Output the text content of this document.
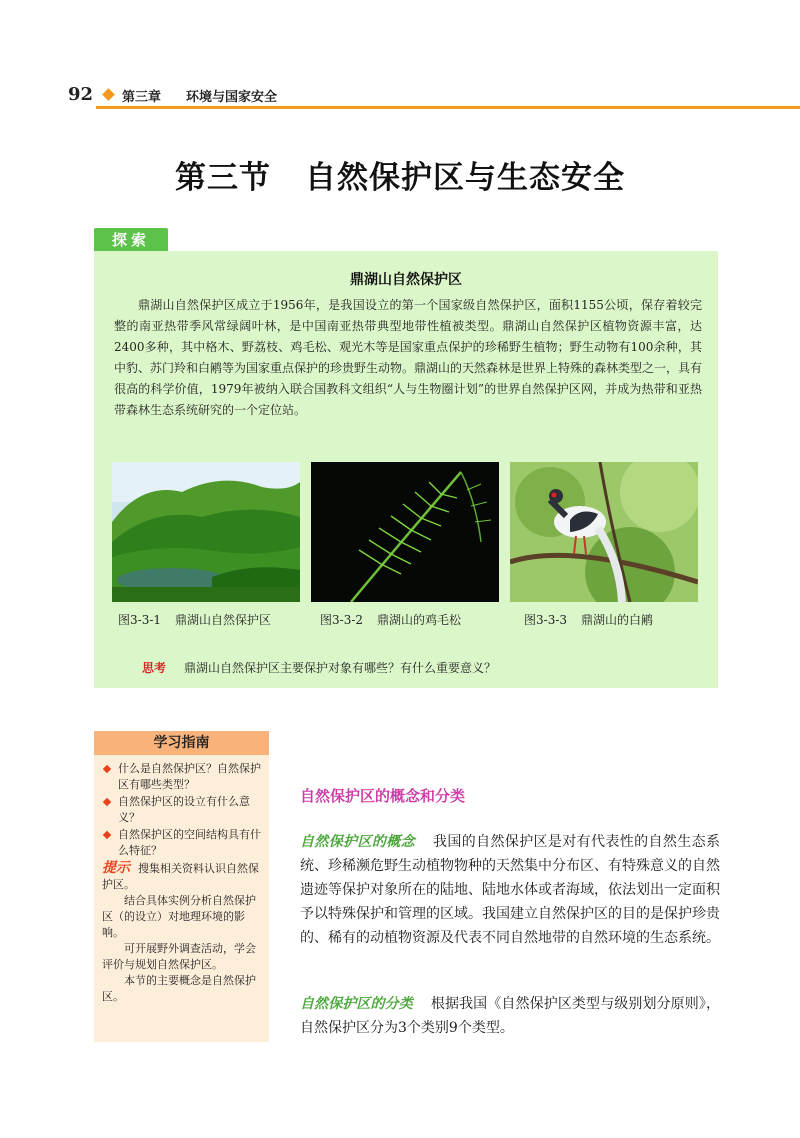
92 第三章 环境与国家安全
第三节 自然保护区与生态安全
探索
鼎湖山自然保护区
鼎湖山自然保护区成立于1956年，是我国设立的第一个国家级自然保护区，面积1155公顷，保存着较完整的南亚热带季风常绿阔叶林，是中国南亚热带典型地带性植被类型。鼎湖山自然保护区植物资源丰富，达2400多种，其中格木、野荔枝、鸡毛松、观光木等是国家重点保护的珍稀野生植物；野生动物有100余种，其中豹、苏门羚和白鹇等为国家重点保护的珍贵野生动物。鼎湖山的天然森林是世界上特殊的森林类型之一，具有很高的科学价值，1979年被纳入联合国教科文组织“人与生物圈计划”的世界自然保护区网，并成为热带和亚热带森林生态系统研究的一个定位站。
图3-3-1 鼎湖山自然保护区	图3-3-2 鼎湖山的鸡毛松	图3-3-3 鼎湖山的白鹇
思考 鼎湖山自然保护区主要保护对象有哪些？有什么重要意义？
学习指南
什么是自然保护区？自然保护区有哪些类型？
自然保护区的设立有什么意义？
自然保护区的空间结构具有什么特征？
提示 搜集相关资料认识自然保护区。
结合具体实例分析自然保护区（的设立）对地理环境的影响。
可开展野外调查活动，学会评价与规划自然保护区。
本节的主要概念是自然保护区。
自然保护区的概念和分类
自然保护区的概念 我国的自然保护区是对有代表性的自然生态系统、珍稀濒危野生动植物物种的天然集中分布区、有特殊意义的自然遗迹等保护对象所在的陆地、陆地水体或者海域，依法划出一定面积予以特殊保护和管理的区域。我国建立自然保护区的目的是保护珍贵的、稀有的动植物资源及代表不同自然地带的自然环境的生态系统。
自然保护区的分类 根据我国《自然保护区类型与级别划分原则》，自然保护区分为3个类别9个类型。
